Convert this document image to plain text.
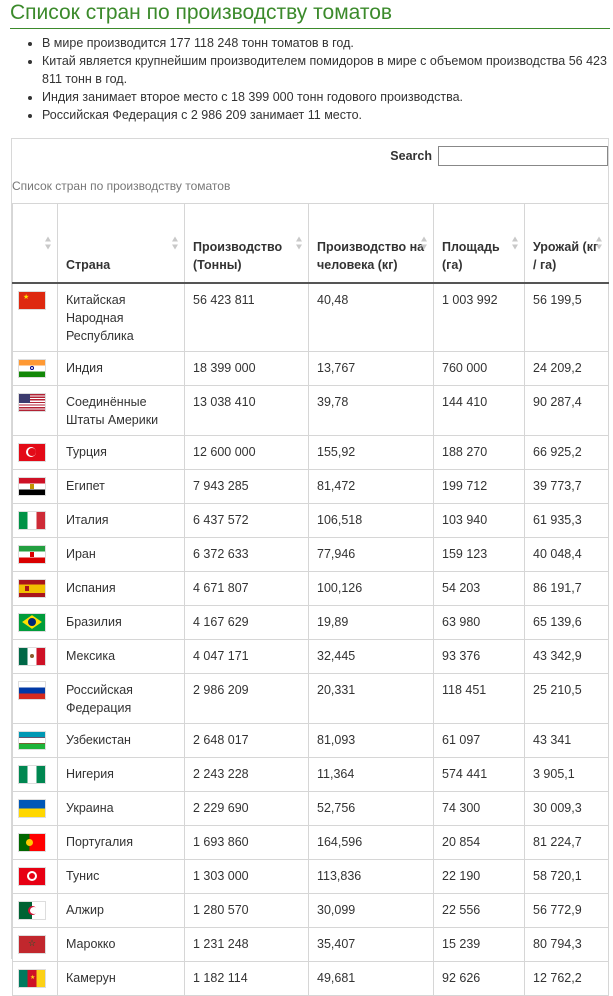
Список стран по производству томатов
• В мире производится 177 118 248 тонн томатов в год.
• Китай является крупнейшим производителем помидоров в мире с объемом производства 56 423 811 тонн в год.
• Индия занимает второе место с 18 399 000 тонн годового производства.
• Российская Федерация с 2 986 209 занимает 11 место.
Search
Список стран по производству томатов
	Страна	Производство (Тонны)	Производство на человека (кг)	Площадь (га)	Урожай (кг / га)

★	Китайская Народная Республика	56 423 811	40,48	1 003 992	56 199,5

	Индия	18 399 000	13,767	760 000	24 209,2

	Соединённые Штаты Америки	13 038 410	39,78	144 410	90 287,4

	Турция	12 600 000	155,92	188 270	66 925,2

	Египет	7 943 285	81,472	199 712	39 773,7

	Италия	6 437 572	106,518	103 940	61 935,3

	Иран	6 372 633	77,946	159 123	40 048,4

	Испания	4 671 807	100,126	54 203	86 191,7

	Бразилия	4 167 629	19,89	63 980	65 139,6

	Мексика	4 047 171	32,445	93 376	43 342,9

	Российская Федерация	2 986 209	20,331	118 451	25 210,5

	Узбекистан	2 648 017	81,093	61 097	43 341

	Нигерия	2 243 228	11,364	574 441	3 905,1

	Украина	2 229 690	52,756	74 300	30 009,3

	Португалия	1 693 860	164,596	20 854	81 224,7

	Тунис	1 303 000	113,836	22 190	58 720,1

	Алжир	1 280 570	30,099	22 556	56 772,9

☆	Марокко	1 231 248	35,407	15 239	80 794,3

★	Камерун	1 182 114	49,681	92 626	12 762,2
